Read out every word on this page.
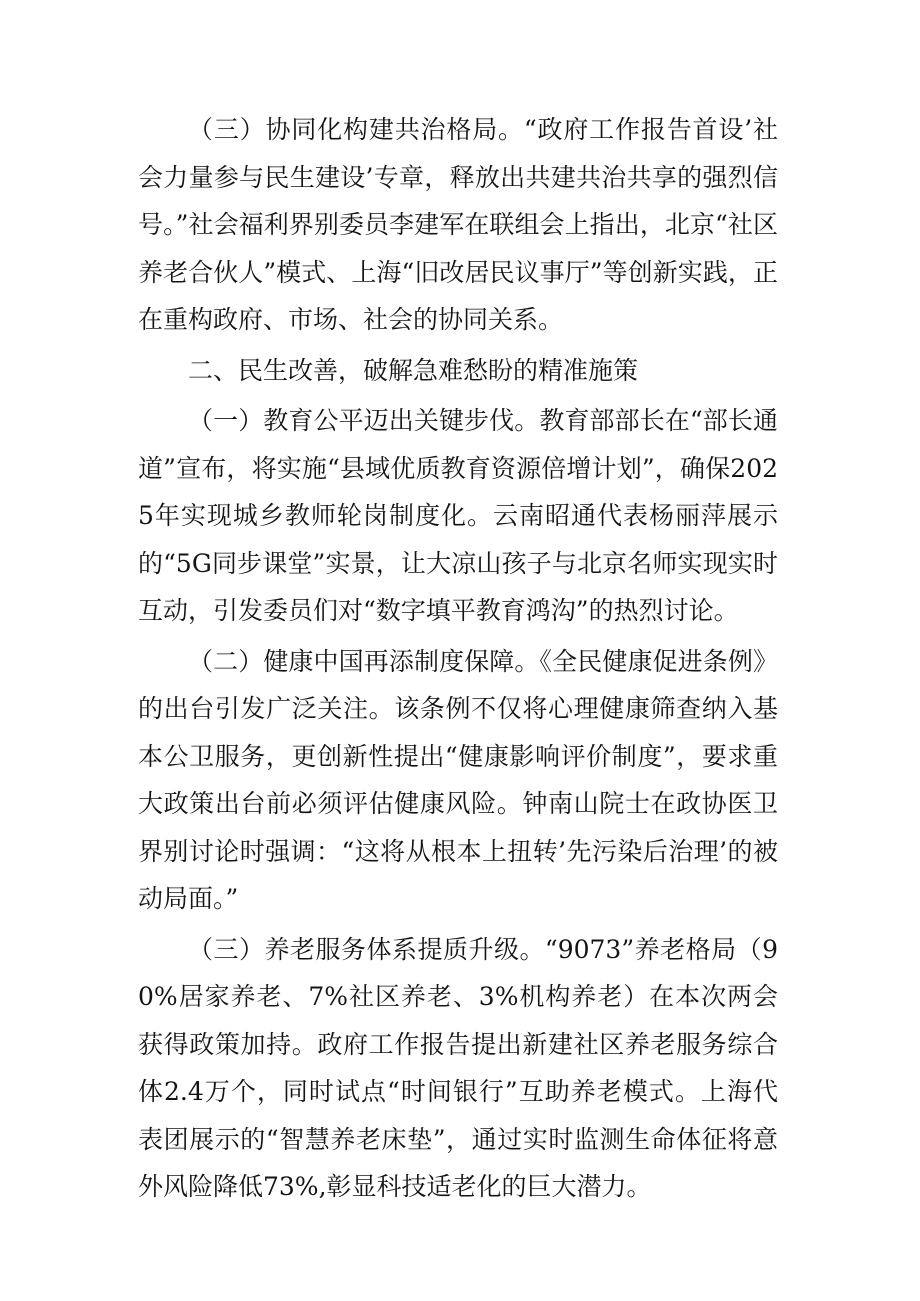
（三）协同化构建共治格局。“政府工作报告首设’社会力量参与民生建设’专章，释放出共建共治共享的强烈信号。”社会福利界别委员李建军在联组会上指出，北京“社区养老合伙人”模式、上海“旧改居民议事厅”等创新实践，正在重构政府、市场、社会的协同关系。

二、民生改善，破解急难愁盼的精准施策

（一）教育公平迈出关键步伐。教育部部长在“部长通道”宣布，将实施“县域优质教育资源倍增计划”，确保2025年实现城乡教师轮岗制度化。云南昭通代表杨丽萍展示的“5G同步课堂”实景，让大凉山孩子与北京名师实现实时互动，引发委员们对“数字填平教育鸿沟”的热烈讨论。

（二）健康中国再添制度保障。《全民健康促进条例》的出台引发广泛关注。该条例不仅将心理健康筛查纳入基本公卫服务，更创新性提出“健康影响评价制度”，要求重大政策出台前必须评估健康风险。钟南山院士在政协医卫界别讨论时强调：“这将从根本上扭转’先污染后治理’的被动局面。”

（三）养老服务体系提质升级。“9073”养老格局（90%居家养老、7%社区养老、3%机构养老）在本次两会获得政策加持。政府工作报告提出新建社区养老服务综合体2.4万个，同时试点“时间银行”互助养老模式。上海代表团展示的“智慧养老床垫”，通过实时监测生命体征将意外风险降低73%,彰显科技适老化的巨大潜力。
